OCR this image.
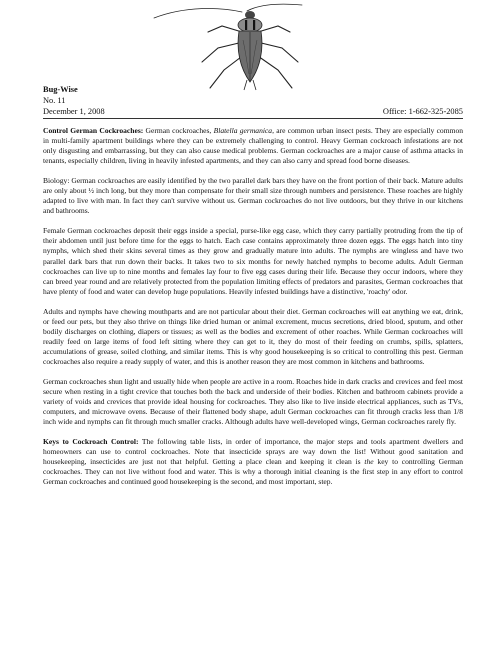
Bug-Wise
No. 11
December 1, 2008	Office: 1-662-325-2085

Control German Cockroaches: German cockroaches, Blatella germanica, are common urban insect pests. They are especially common in multi-family apartment buildings where they can be extremely challenging to control. Heavy German cockroach infestations are not only disgusting and embarrassing, but they can also cause medical problems. German cockroaches are a major cause of asthma attacks in tenants, especially children, living in heavily infested apartments, and they can also carry and spread food borne diseases.

Biology: German cockroaches are easily identified by the two parallel dark bars they have on the front portion of their back. Mature adults are only about ½ inch long, but they more than compensate for their small size through numbers and persistence. These roaches are highly adapted to live with man. In fact they can't survive without us. German cockroaches do not live outdoors, but they thrive in our kitchens and bathrooms.

Female German cockroaches deposit their eggs inside a special, purse-like egg case, which they carry partially protruding from the tip of their abdomen until just before time for the eggs to hatch. Each case contains approximately three dozen eggs. The eggs hatch into tiny nymphs, which shed their skins several times as they grow and gradually mature into adults. The nymphs are wingless and have two parallel dark bars that run down their backs. It takes two to six months for newly hatched nymphs to become adults. Adult German cockroaches can live up to nine months and females lay four to five egg cases during their life. Because they occur indoors, where they can breed year round and are relatively protected from the population limiting effects of predators and parasites, German cockroaches that have plenty of food and water can develop huge populations. Heavily infested buildings have a distinctive, 'roachy' odor.

Adults and nymphs have chewing mouthparts and are not particular about their diet. German cockroaches will eat anything we eat, drink, or feed our pets, but they also thrive on things like dried human or animal excrement, mucus secretions, dried blood, sputum, and other bodily discharges on clothing, diapers or tissues; as well as the bodies and excrement of other roaches. While German cockroaches will readily feed on large items of food left sitting where they can get to it, they do most of their feeding on crumbs, spills, splatters, accumulations of grease, soiled clothing, and similar items. This is why good housekeeping is so critical to controlling this pest. German cockroaches also require a ready supply of water, and this is another reason they are most common in kitchens and bathrooms.

German cockroaches shun light and usually hide when people are active in a room. Roaches hide in dark cracks and crevices and feel most secure when resting in a tight crevice that touches both the back and underside of their bodies. Kitchen and bathroom cabinets provide a variety of voids and crevices that provide ideal housing for cockroaches. They also like to live inside electrical appliances, such as TVs, computers, and microwave ovens. Because of their flattened body shape, adult German cockroaches can fit through cracks less than 1/8 inch wide and nymphs can fit through much smaller cracks. Although adults have well-developed wings, German cockroaches rarely fly.

Keys to Cockroach Control: The following table lists, in order of importance, the major steps and tools apartment dwellers and homeowners can use to control cockroaches. Note that insecticide sprays are way down the list! Without good sanitation and housekeeping, insecticides are just not that helpful. Getting a place clean and keeping it clean is the key to controlling German cockroaches. They can not live without food and water. This is why a thorough initial cleaning is the first step in any effort to control German cockroaches and continued good housekeeping is the second, and most important, step.
